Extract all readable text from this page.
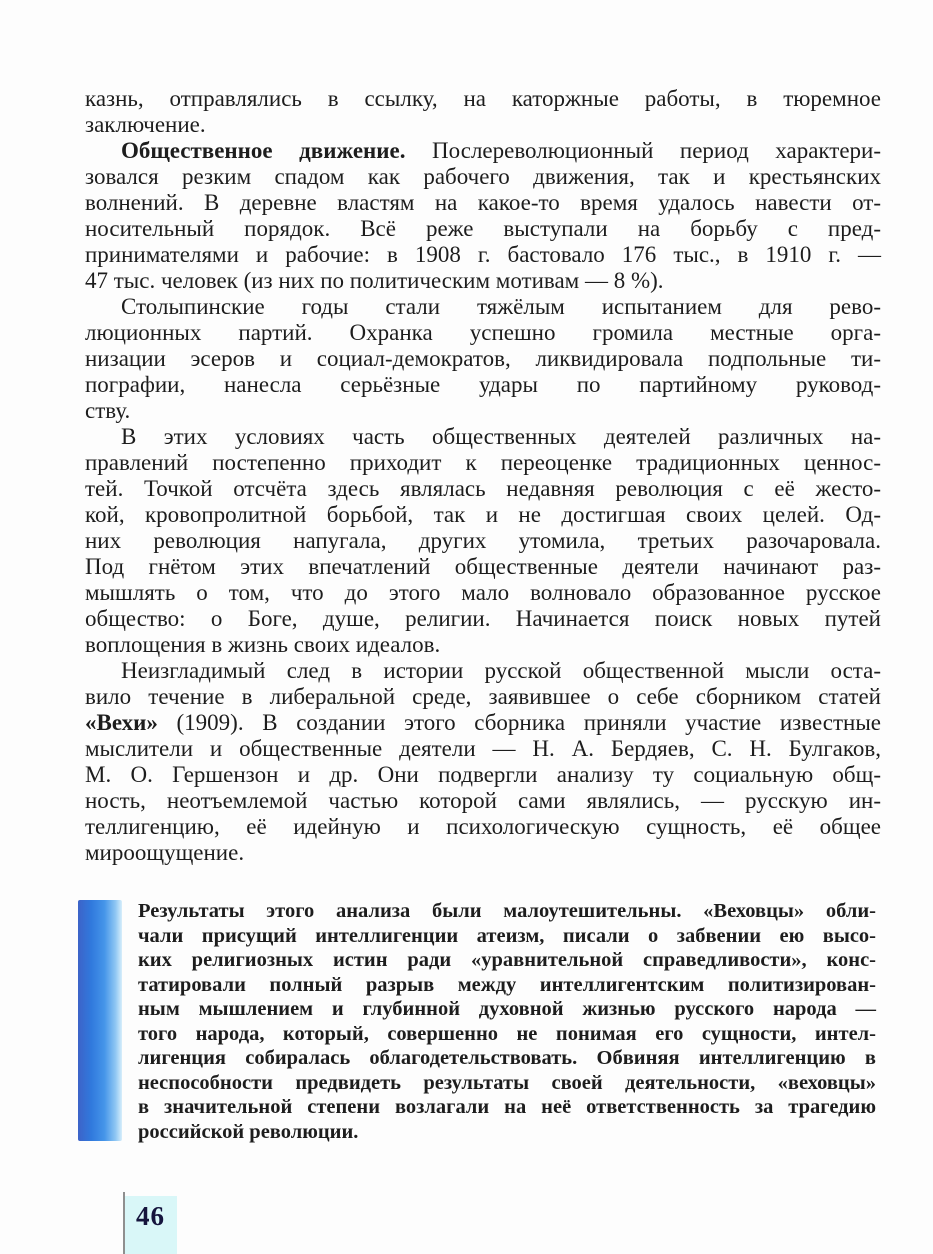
казнь, отправлялись в ссылку, на каторжные работы, в тюремное
заключение.
Общественное движение. Послереволюционный период характери-
зовался резким спадом как рабочего движения, так и крестьянских
волнений. В деревне властям на какое-то время удалось навести от-
носительный порядок. Всё реже выступали на борьбу с пред-
принимателями и рабочие: в 1908 г. бастовало 176 тыс., в 1910 г. —
47 тыс. человек (из них по политическим мотивам — 8 %).
Столыпинские годы стали тяжёлым испытанием для рево-
люционных партий. Охранка успешно громила местные орга-
низации эсеров и социал-демократов, ликвидировала подпольные ти-
пографии, нанесла серьёзные удары по партийному руковод-
ству.
В этих условиях часть общественных деятелей различных на-
правлений постепенно приходит к переоценке традиционных ценнос-
тей. Точкой отсчёта здесь являлась недавняя революция с её жесто-
кой, кровопролитной борьбой, так и не достигшая своих целей. Од-
них революция напугала, других утомила, третьих разочаровала.
Под гнётом этих впечатлений общественные деятели начинают раз-
мышлять о том, что до этого мало волновало образованное русское
общество: о Боге, душе, религии. Начинается поиск новых путей
воплощения в жизнь своих идеалов.
Неизгладимый след в истории русской общественной мысли оста-
вило течение в либеральной среде, заявившее о себе сборником статей
«Вехи» (1909). В создании этого сборника приняли участие известные
мыслители и общественные деятели — Н. А. Бердяев, С. Н. Булгаков,
М. О. Гершензон и др. Они подвергли анализу ту социальную общ-
ность, неотъемлемой частью которой сами являлись, — русскую ин-
теллигенцию, её идейную и психологическую сущность, её общее
мироощущение.
Результаты этого анализа были малоутешительны. «Веховцы» обли-
чали присущий интеллигенции атеизм, писали о забвении ею высо-
ких религиозных истин ради «уравнительной справедливости», конс-
татировали полный разрыв между интеллигентским политизирован-
ным мышлением и глубинной духовной жизнью русского народа —
того народа, который, совершенно не понимая его сущности, интел-
лигенция собиралась облагодетельствовать. Обвиняя интеллигенцию в
неспособности предвидеть результаты своей деятельности, «веховцы»
в значительной степени возлагали на неё ответственность за трагедию
российской революции.
46
